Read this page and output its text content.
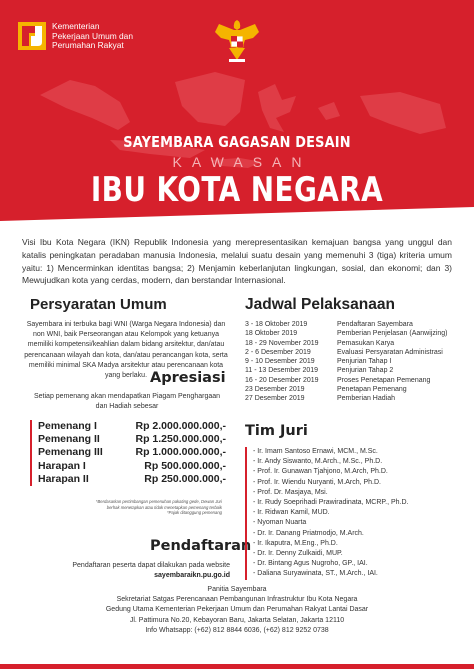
Kementerian
Pekerjaan Umum dan
Perumahan Rakyat
SAYEMBARA GAGASAN DESAIN
KAWASAN
IBU KOTA NEGARA

Visi Ibu Kota Negara (IKN) Republik Indonesia yang merepresentasikan kemajuan bangsa yang unggul dan katalis peningkatan peradaban manusia Indonesia, melalui suatu desain yang memenuhi 3 (tiga) kriteria umum yaitu: 1) Mencerminkan identitas bangsa; 2) Menjamin keberlanjutan lingkungan, sosial, dan ekonomi; dan 3) Mewujudkan kota yang cerdas, modern, dan berstandar Internasional.

Persyaratan Umum

Sayembara ini terbuka bagi WNI (Warga Negara Indonesia) dan non WNI, baik Perseorangan atau Kelompok yang ketuanya memiliki kompetensi/keahlian dalam bidang arsitektur, dan/atau perencanaan wilayah dan kota, dan/atau perancangan kota, serta memiliki minimal SKA Madya arsitektur atau perencanaan kota yang berlaku. Apresiasi

Setiap pemenang akan mendapatkan Piagam Penghargaan dan Hadiah sebesar

Pemenang I	Rp 2.000.000.000,-
Pemenang II	Rp 1.250.000.000,-
Pemenang III	Rp 1.000.000.000,-
Harapan I	Rp 500.000.000,-
Harapan II	Rp 250.000.000,-
*Berdasarkan pertimbangan pemenuhan pakating gede, Dewan Juri berhak menetapkan atau tidak menetapkan pemenang terbaik
*Pajak ditanggung pemenang
Pendaftaran

Pendaftaran peserta dapat dilakukan pada website sayembaraikn.pu.go.id

Jadwal Pelaksanaan
3 - 18 Oktober 2019	Pendaftaran Sayembara
18 Oktober 2019	Pemberian Penjelasan (Aanwijzing)
18 - 29 November 2019	Pemasukan Karya
2 - 6 Desember 2019	Evaluasi Persyaratan Administrasi
9 - 10 Desember 2019	Penjurian Tahap I
11 - 13 Desember 2019	Penjurian Tahap 2
16 - 20 Desember 2019	Proses Penetapan Pemenang
23 Desember 2019	Penetapan Pemenang
27 Desember 2019	Pemberian Hadiah
Tim Juri
- Ir. Imam Santoso Ernawi, MCM., M.Sc.
- Ir. Andy Siswanto, M.Arch., M.Sc., Ph.D.
- Prof. Ir. Gunawan Tjahjono, M.Arch, Ph.D.
- Prof. Ir. Wiendu Nuryanti, M.Arch, Ph.D.
- Prof. Dr. Masjaya, Msi.
- Ir. Rudy Soeprihadi Prawiradinata, MCRP., Ph.D.
- Ir. Ridwan Kamil, MUD.
- Nyoman Nuarta
- Dr. Ir. Danang Priatmodjo, M.Arch.
- Ir. Ikaputra, M.Eng., Ph.D.
- Dr. Ir. Denny Zulkaidi, MUP.
- Dr. Bintang Agus Nugroho, GP., IAI.
- Daliana Suryawinata, ST., M.Arch., IAI.
Panitia Sayembara
Sekretariat Satgas Perencanaan Pembangunan Infrastruktur Ibu Kota Negara
Gedung Utama Kementerian Pekerjaan Umum dan Perumahan Rakyat Lantai Dasar
Jl. Pattimura No.20, Kebayoran Baru, Jakarta Selatan, Jakarta 12110
Info Whatsapp: (+62) 812 8844 6036, (+62) 812 9252 0738
